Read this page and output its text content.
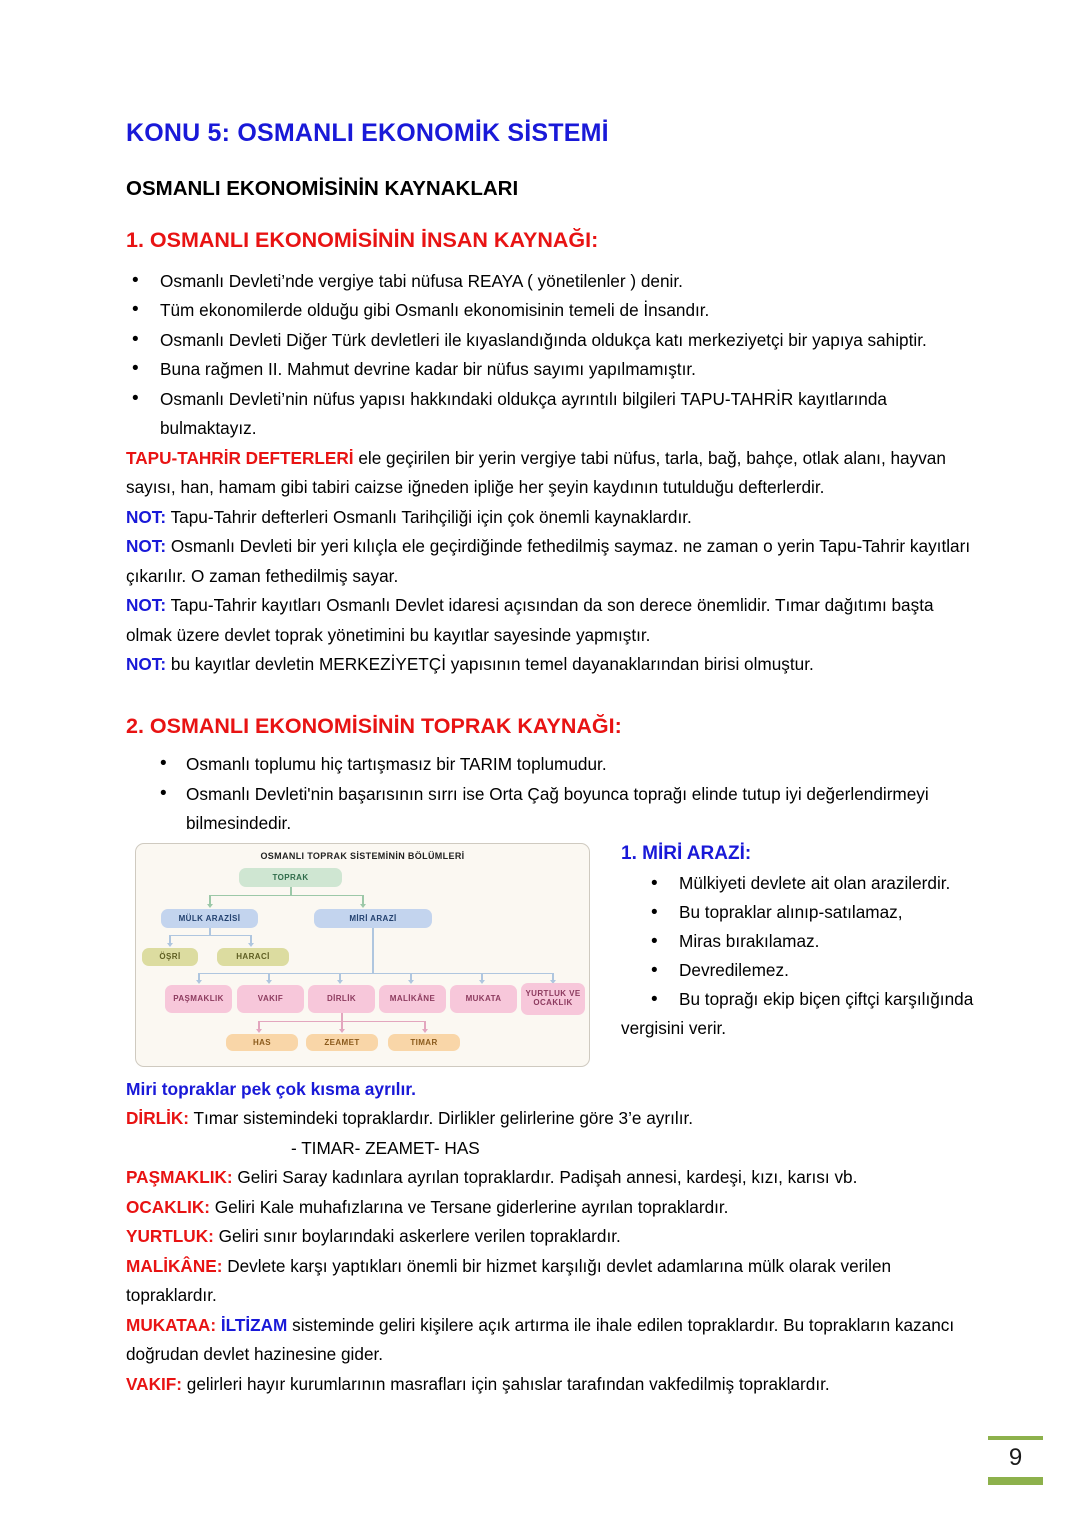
KONU 5: OSMANLI EKONOMİK SİSTEMİ
OSMANLI EKONOMİSİNİN KAYNAKLARI
1. OSMANLI EKONOMİSİNİN İNSAN KAYNAĞI:
• Osmanlı Devleti’nde vergiye tabi nüfusa REAYA ( yönetilenler ) denir.
• Tüm ekonomilerde olduğu gibi Osmanlı ekonomisinin temeli de İnsandır.
• Osmanlı Devleti Diğer Türk devletleri ile kıyaslandığında oldukça katı merkeziyetçi bir yapıya sahiptir.
• Buna rağmen II. Mahmut devrine kadar bir nüfus sayımı yapılmamıştır.
• Osmanlı Devleti’nin nüfus yapısı hakkındaki oldukça ayrıntılı bilgileri TAPU-TAHRİR kayıtlarında bulmaktayız.

TAPU-TAHRİR DEFTERLERİ ele geçirilen bir yerin vergiye tabi nüfus, tarla, bağ, bahçe, otlak alanı, hayvan sayısı, han, hamam gibi tabiri caizse iğneden ipliğe her şeyin kaydının tutulduğu defterlerdir.

NOT: Tapu-Tahrir defterleri Osmanlı Tarihçiliği için çok önemli kaynaklardır.

NOT: Osmanlı Devleti bir yeri kılıçla ele geçirdiğinde fethedilmiş saymaz. ne zaman o yerin Tapu-Tahrir kayıtları çıkarılır. O zaman fethedilmiş sayar.

NOT: Tapu-Tahrir kayıtları Osmanlı Devlet idaresi açısından da son derece önemlidir. Tımar dağıtımı başta olmak üzere devlet toprak yönetimini bu kayıtlar sayesinde yapmıştır.

NOT: bu kayıtlar devletin MERKEZİYETÇİ yapısının temel dayanaklarından birisi olmuştur.

2. OSMANLI EKONOMİSİNİN TOPRAK KAYNAĞI:
• Osmanlı toplumu hiç tartışmasız bir TARIM toplumudur.
• Osmanlı Devleti'nin başarısının sırrı ise Orta Çağ boyunca toprağı elinde tutup iyi değerlendirmeyi bilmesindedir.
OSMANLI TOPRAK SİSTEMİNİN BÖLÜMLERİ
TOPRAK
MÜLK ARAZİSİ	MİRİ ARAZİ
ÖŞRİ	HARACİ
PAŞMAKLIK	VAKIF	DİRLİK	MALİKÂNE	MUKATA
YURTLUK VE OCAKLIK
HAS	ZEAMET	TIMAR
1. MİRİ ARAZİ:
•Mülkiyeti devlete ait olan arazilerdir.
•Bu topraklar alınıp-satılamaz,
•Miras bırakılamaz.
•Devredilemez.
•Bu toprağı ekip biçen çiftçi karşılığında vergisini verir.

Miri topraklar pek çok kısma ayrılır.

DİRLİK: Tımar sistemindeki topraklardır. Dirlikler gelirlerine göre 3’e ayrılır.

- TIMAR- ZEAMET- HAS

PAŞMAKLIK: Geliri Saray kadınlara ayrılan topraklardır. Padişah annesi, kardeşi, kızı, karısı vb.

OCAKLIK: Geliri Kale muhafızlarına ve Tersane giderlerine ayrılan topraklardır.

YURTLUK: Geliri sınır boylarındaki askerlere verilen topraklardır.

MALİKÂNE: Devlete karşı yaptıkları önemli bir hizmet karşılığı devlet adamlarına mülk olarak verilen topraklardır.

MUKATAA: İLTİZAM sisteminde geliri kişilere açık artırma ile ihale edilen topraklardır. Bu toprakların kazancı doğrudan devlet hazinesine gider.

VAKIF: gelirleri hayır kurumlarının masrafları için şahıslar tarafından vakfedilmiş topraklardır.

9
